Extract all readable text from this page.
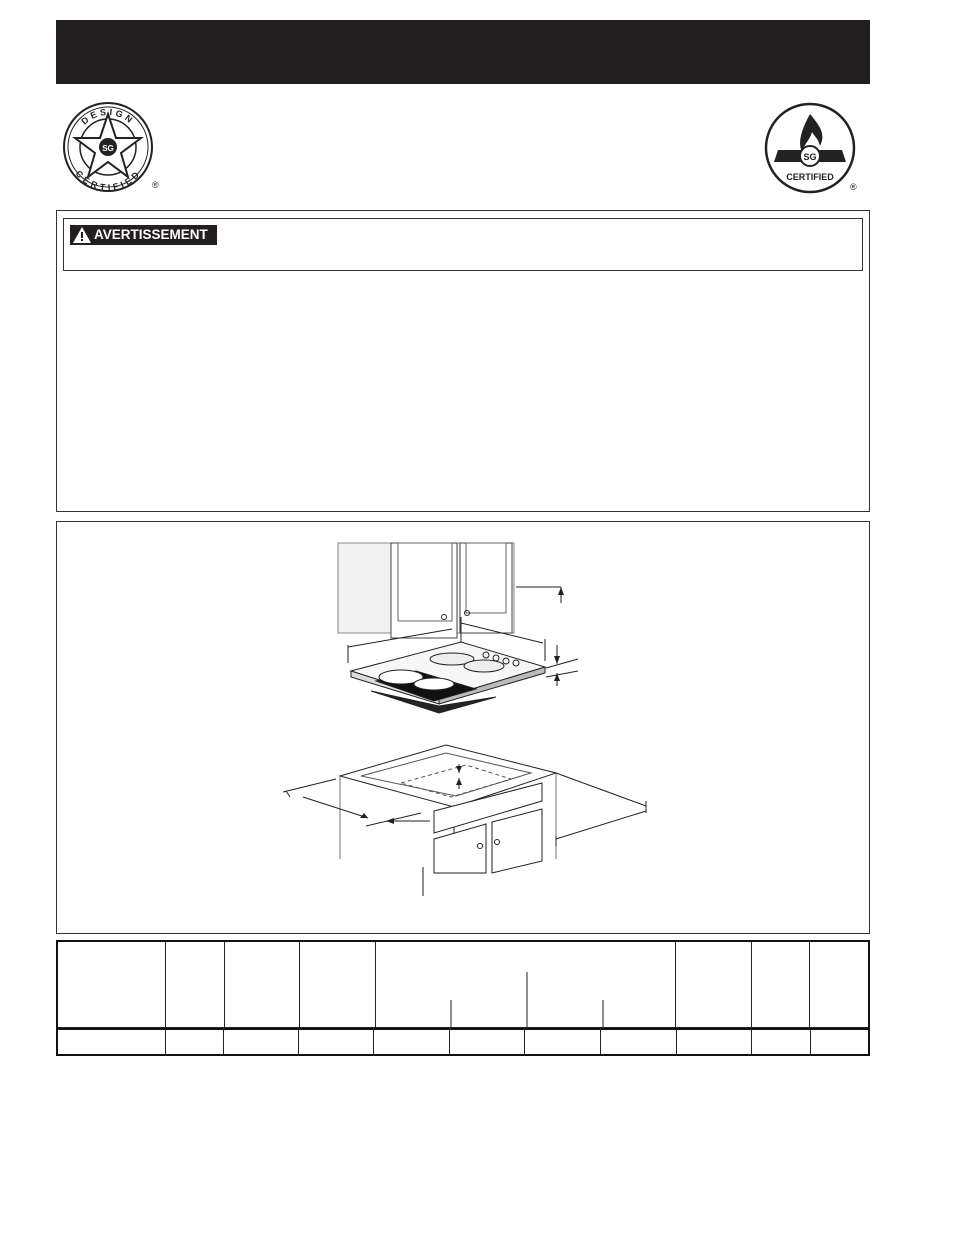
SG
DESIGN
CERTIFIED
®
SG
CERTIFIED
®
AVERTISSEMENT
